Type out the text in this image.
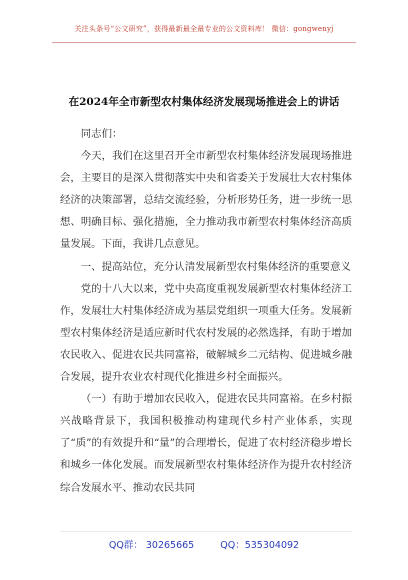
关注头条号“公文研究”，获得最新最全最专业的公文资料库！ 微信：gongwenyj
在2024年全市新型农村集体经济发展现场推进会上的讲话

同志们：

今天，我们在这里召开全市新型农村集体经济发展现场推进会，主要目的是深入贯彻落实中央和省委关于发展壮大农村集体经济的决策部署，总结交流经验，分析形势任务，进一步统一思想、明确目标、强化措施，全力推动我市新型农村集体经济高质量发展。下面，我讲几点意见。

一、提高站位，充分认清发展新型农村集体经济的重要意义

党的十八大以来，党中央高度重视发展新型农村集体经济工作，发展壮大村集体经济成为基层党组织一项重大任务。发展新型农村集体经济是适应新时代农村发展的必然选择，有助于增加农民收入、促进农民共同富裕，破解城乡二元结构、促进城乡融合发展，提升农业农村现代化推进乡村全面振兴。

（一）有助于增加农民收入，促进农民共同富裕。在乡村振兴战略背景下，我国积极推动构建现代乡村产业体系，实现了“质”的有效提升和“量”的合理增长，促进了农村经济稳步增长和城乡一体化发展。而发展新型农村集体经济作为提升农村经济综合发展水平、推动农民共同

QQ群： 30265665	QQ：535304092
